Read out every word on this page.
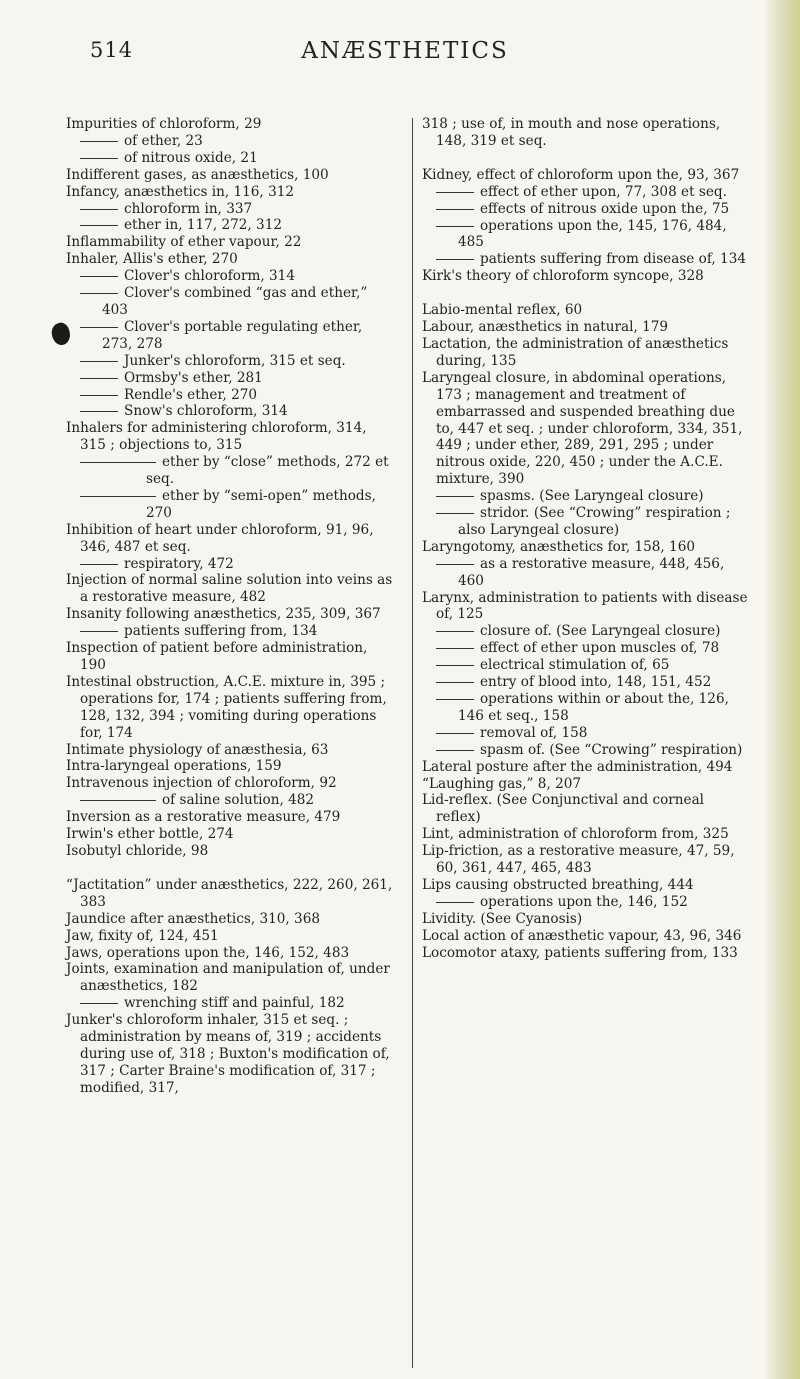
514	ANÆSTHETICS
Impurities of chloroform, 29
of ether, 23
of nitrous oxide, 21
Indifferent gases, as anæsthetics, 100
Infancy, anæsthetics in, 116, 312
chloroform in, 337
ether in, 117, 272, 312
Inflammability of ether vapour, 22
Inhaler, Allis's ether, 270
Clover's chloroform, 314
Clover's combined “gas and ether,” 403
Clover's portable regulating ether, 273, 278
Junker's chloroform, 315 et seq.
Ormsby's ether, 281
Rendle's ether, 270
Snow's chloroform, 314
Inhalers for administering chloroform, 314, 315 ; objections to, 315
ether by “close” methods, 272 et seq.
ether by “semi-open” methods, 270
Inhibition of heart under chloroform, 91, 96, 346, 487 et seq.
respiratory, 472
Injection of normal saline solution into veins as a restorative measure, 482
Insanity following anæsthetics, 235, 309, 367
patients suffering from, 134
Inspection of patient before administration, 190
Intestinal obstruction, A.C.E. mixture in, 395 ; operations for, 174 ; patients suffering from, 128, 132, 394 ; vomiting during operations for, 174
Intimate physiology of anæsthesia, 63
Intra-laryngeal operations, 159
Intravenous injection of chloroform, 92
of saline solution, 482
Inversion as a restorative measure, 479
Irwin's ether bottle, 274
Isobutyl chloride, 98
“Jactitation” under anæsthetics, 222, 260, 261, 383
Jaundice after anæsthetics, 310, 368
Jaw, fixity of, 124, 451
Jaws, operations upon the, 146, 152, 483
Joints, examination and manipulation of, under anæsthetics, 182
wrenching stiff and painful, 182
Junker's chloroform inhaler, 315 et seq. ; administration by means of, 319 ; accidents during use of, 318 ; Buxton's modification of, 317 ; Carter Braine's modification of, 317 ; modified, 317,
318 ; use of, in mouth and nose operations, 148, 319 et seq.
Kidney, effect of chloroform upon the, 93, 367
effect of ether upon, 77, 308 et seq.
effects of nitrous oxide upon the, 75
operations upon the, 145, 176, 484, 485
patients suffering from disease of, 134
Kirk's theory of chloroform syncope, 328
Labio-mental reflex, 60
Labour, anæsthetics in natural, 179
Lactation, the administration of anæsthetics during, 135
Laryngeal closure, in abdominal operations, 173 ; management and treatment of embarrassed and suspended breathing due to, 447 et seq. ; under chloroform, 334, 351, 449 ; under ether, 289, 291, 295 ; under nitrous oxide, 220, 450 ; under the A.C.E. mixture, 390
spasms. (See Laryngeal closure)
stridor. (See “Crowing” respiration ; also Laryngeal closure)
Laryngotomy, anæsthetics for, 158, 160
as a restorative measure, 448, 456, 460
Larynx, administration to patients with disease of, 125
closure of. (See Laryngeal closure)
effect of ether upon muscles of, 78
electrical stimulation of, 65
entry of blood into, 148, 151, 452
operations within or about the, 126, 146 et seq., 158
removal of, 158
spasm of. (See “Crowing” respiration)
Lateral posture after the administration, 494
“Laughing gas,” 8, 207
Lid-reflex. (See Conjunctival and corneal reflex)
Lint, administration of chloroform from, 325
Lip-friction, as a restorative measure, 47, 59, 60, 361, 447, 465, 483
Lips causing obstructed breathing, 444
operations upon the, 146, 152
Lividity. (See Cyanosis)
Local action of anæsthetic vapour, 43, 96, 346
Locomotor ataxy, patients suffering from, 133
